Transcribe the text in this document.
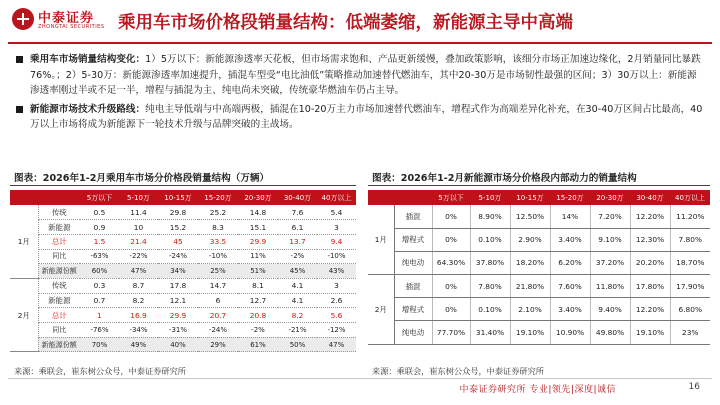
中泰证券
ZHONGTAI SECURITIES 乘用车市场价格段销量结构：低端萎缩，新能源主导中高端
乘用车市场销量结构变化：1）5万以下：新能源渗透率天花板，但市场需求饱和、产品更新缓慢，叠加政策影响，该细分市场正加速边缘化，2月销量同比暴跌76%。；2）5-30万：新能源渗透率加速提升，插混车型受“电比油低”策略推动加速替代燃油车，其中20-30万是市场韧性最强的区间；3）30万以上：新能源渗透率刚过半或不足一半，增程与插混为主、纯电尚未突破，传统豪华燃油车仍占主导。
新能源市场技术升级路线：纯电主导低端与中高端两极，插混在10-20万主力市场加速替代燃油车，增程式作为高端差异化补充，在30-40万区间占比最高，40万以上市场将成为新能源下一轮技术升级与品牌突破的主战场。
图表：2026年1-2月乘用车市场分价格段销量结构（万辆）	图表：2026年1-2月新能源市场分价格段内部动力的销量结构
		5万以下	5-10万	10-15万	15-20万	20-30万	30-40万	40万以上
1月	传统	0.5	11.4	29.8	25.2	14.8	7.6	5.4
	新能源	0.9	10	15.2	8.3	15.1	6.1	3
	总计	1.5	21.4	45	33.5	29.9	13.7	9.4
	同比	-63%	-22%	-24%	-10%	11%	-2%	-10%
	新能源份额	60%	47%	34%	25%	51%	45%	43%
2月	传统	0.3	8.7	17.8	14.7	8.1	4.1	3
	新能源	0.7	8.2	12.1	6	12.7	4.1	2.6
	总计	1	16.9	29.9	20.7	20.8	8.2	5.6
	同比	-76%	-34%	-31%	-24%	-2%	-21%	-12%
	新能源份额	70%	49%	40%	29%	61%	50%	47%
		5万以下	5-10万	10-15万	15-20万	20-30万	30-40万	40万以上
1月	插混	0%	8.90%	12.50%	14%	7.20%	12.20%	11.20%
	增程式	0%	0.10%	2.90%	3.40%	9.10%	12.30%	7.80%
	纯电动	64.30%	37.80%	18.20%	6.20%	37.20%	20.20%	18.70%
2月	插混	0%	7.80%	21.80%	7.60%	11.80%	17.80%	17.90%
	增程式	0%	0.10%	2.10%	3.40%	9.40%	12.20%	6.80%
	纯电动	77.70%	31.40%	19.10%	10.90%	49.80%	19.10%	23%
来源：乘联会，崔东树公众号，中泰证券研究所	来源：乘联会，崔东树公众号，中泰证券研究所
中泰证券研究所 专业|领先|深度|诚信	16
